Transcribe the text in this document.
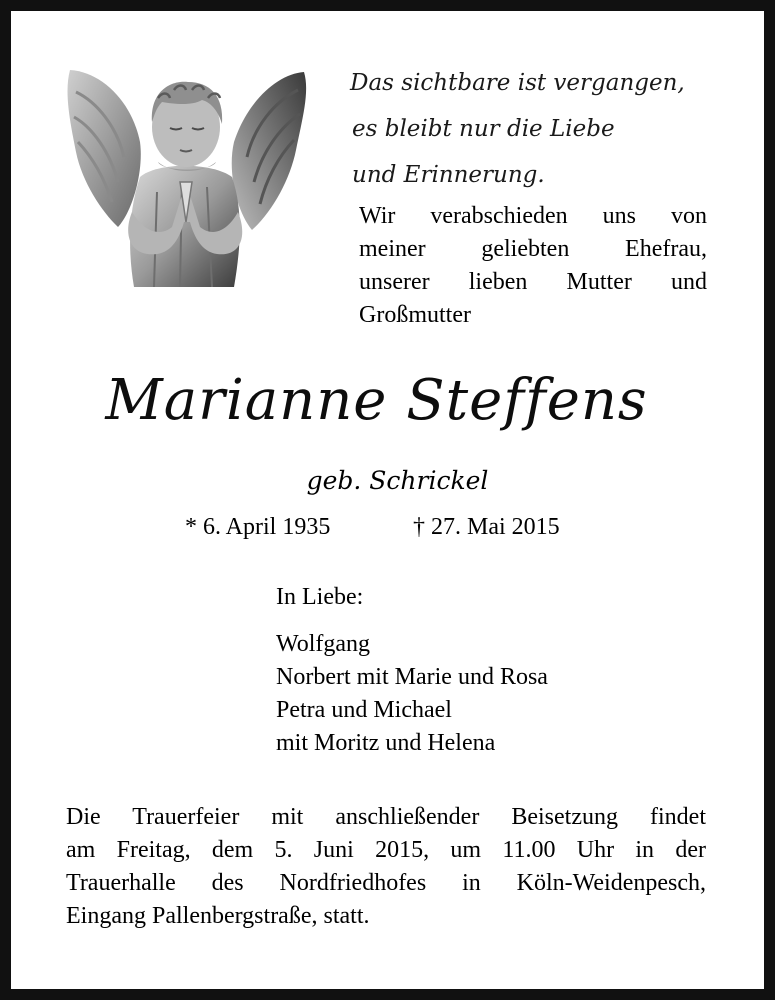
Das sichtbare ist vergangen,
es bleibt nur die Liebe
und Erinnerung.
Wir verabschieden uns von
meiner geliebten Ehefrau,
unserer lieben Mutter und
Großmutter
Marianne Steffens
geb. Schrickel
* 6. April 1935	† 27. Mai 2015
In Liebe:
Wolfgang
Norbert mit Marie und Rosa
Petra und Michael
mit Moritz und Helena
Die Trauerfeier mit anschließender Beisetzung findet
am Freitag, dem 5. Juni 2015, um 11.00 Uhr in der
Trauerhalle des Nordfriedhofes in Köln-Weidenpesch,
Eingang Pallenbergstraße, statt.
